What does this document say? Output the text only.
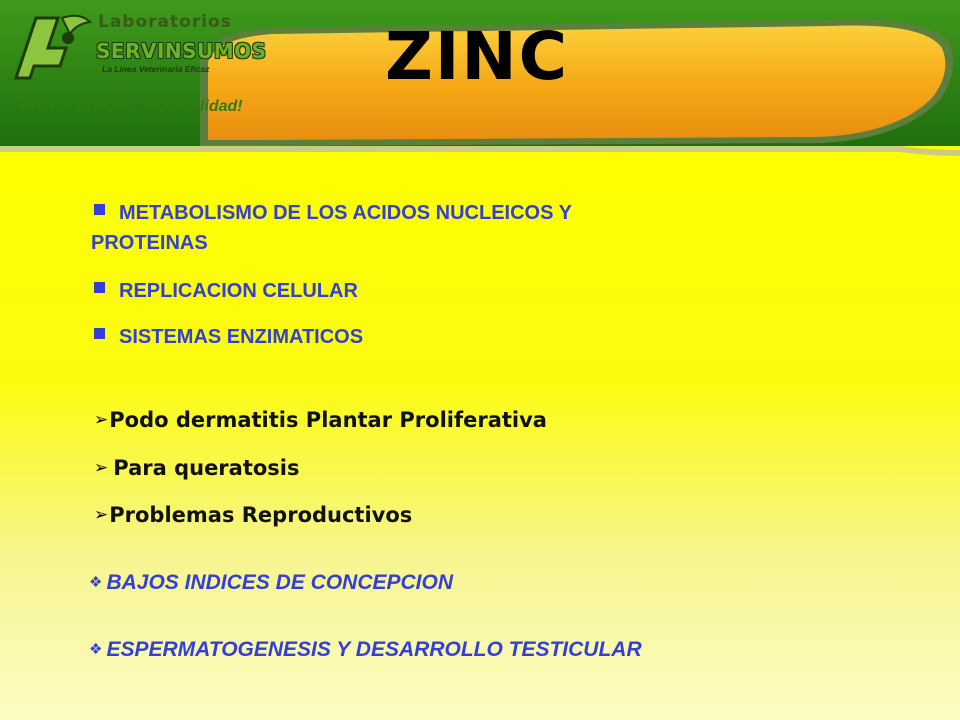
Laboratorios
SERVINSUMOS
La Linea Veterinaria Eficaz
Piensa Calidad, Vive Calidad!
ZINC
METABOLISMO DE LOS ACIDOS NUCLEICOS Y
PROTEINAS
REPLICACION CELULAR
SISTEMAS ENZIMATICOS
➢ Podo dermatitis Plantar Proliferativa
➢ Para queratosis
➢ Problemas Reproductivos
❖ BAJOS INDICES DE CONCEPCION
❖ ESPERMATOGENESIS Y DESARROLLO TESTICULAR
